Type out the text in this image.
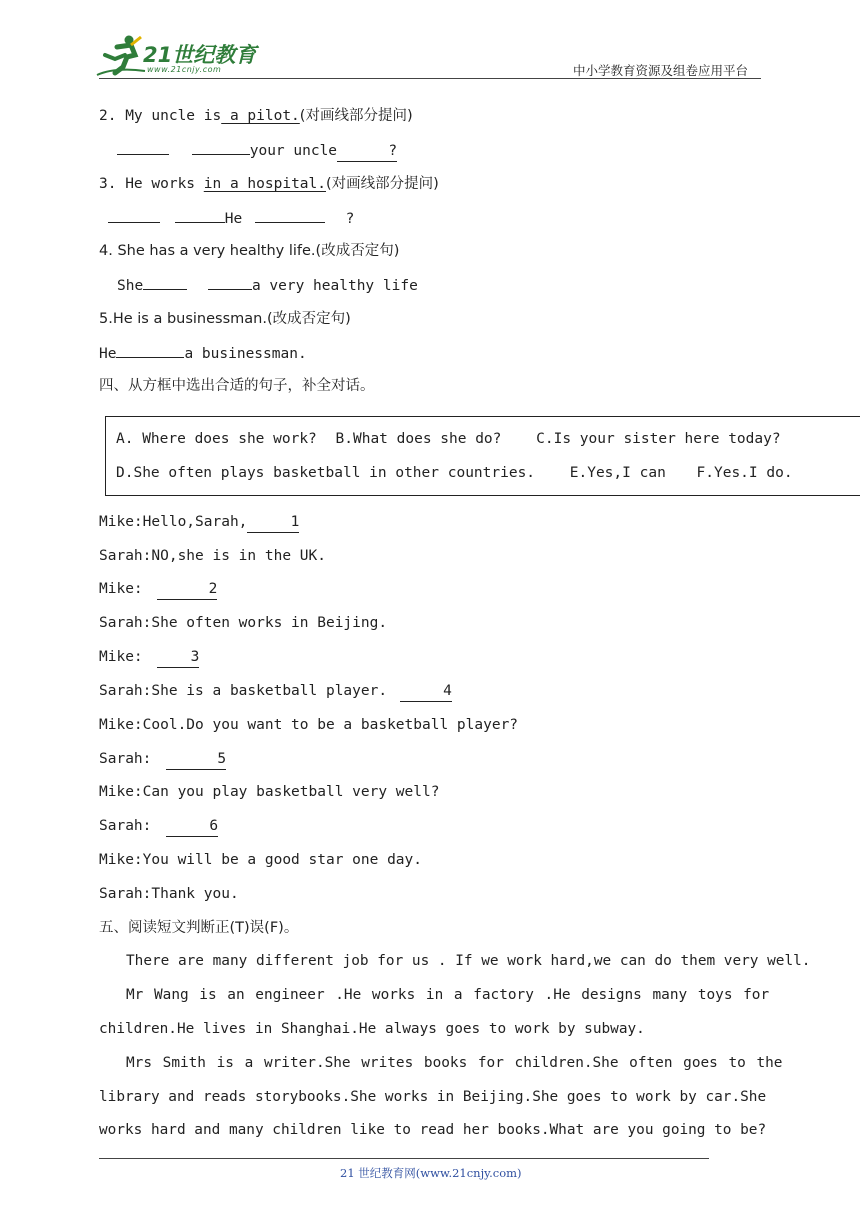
21世纪教育
www.21cnjy.com	中小学教育资源及组卷应用平台
2. My uncle is a pilot.(对画线部分提问)
your uncle	?
3. He works in a hospital.(对画线部分提问)
He	?
4. She has a very healthy life.(改成否定句)
She	a very healthy life
5.He is a businessman.(改成否定句)
He	a businessman.
四、从方框中选出合适的句子，补全对话。
A. Where does she work? B.What does she do? C.Is your sister here today?
D.She often plays basketball in other countries. E.Yes,I can F.Yes.I do.
Mike:Hello,Sarah,	1
Sarah:NO,she is in the UK.
Mike:	2
Sarah:She often works in Beijing.
Mike:	3
Sarah:She is a basketball player.	4
Mike:Cool.Do you want to be a basketball player?
Sarah:	5
Mike:Can you play basketball very well?
Sarah:	6
Mike:You will be a good star one day.
Sarah:Thank you.
五、阅读短文判断正(T)误(F)。
There are many different job for us . If we work hard,we can do them very well.
Mr Wang is an engineer .He works in a factory .He designs many toys for
children.He lives in Shanghai.He always goes to work by subway.
Mrs Smith is a writer.She writes books for children.She often goes to the
library and reads storybooks.She works in Beijing.She goes to work by car.She
works hard and many children like to read her books.What are you going to be?
21 世纪教育网(www.21cnjy.com)
